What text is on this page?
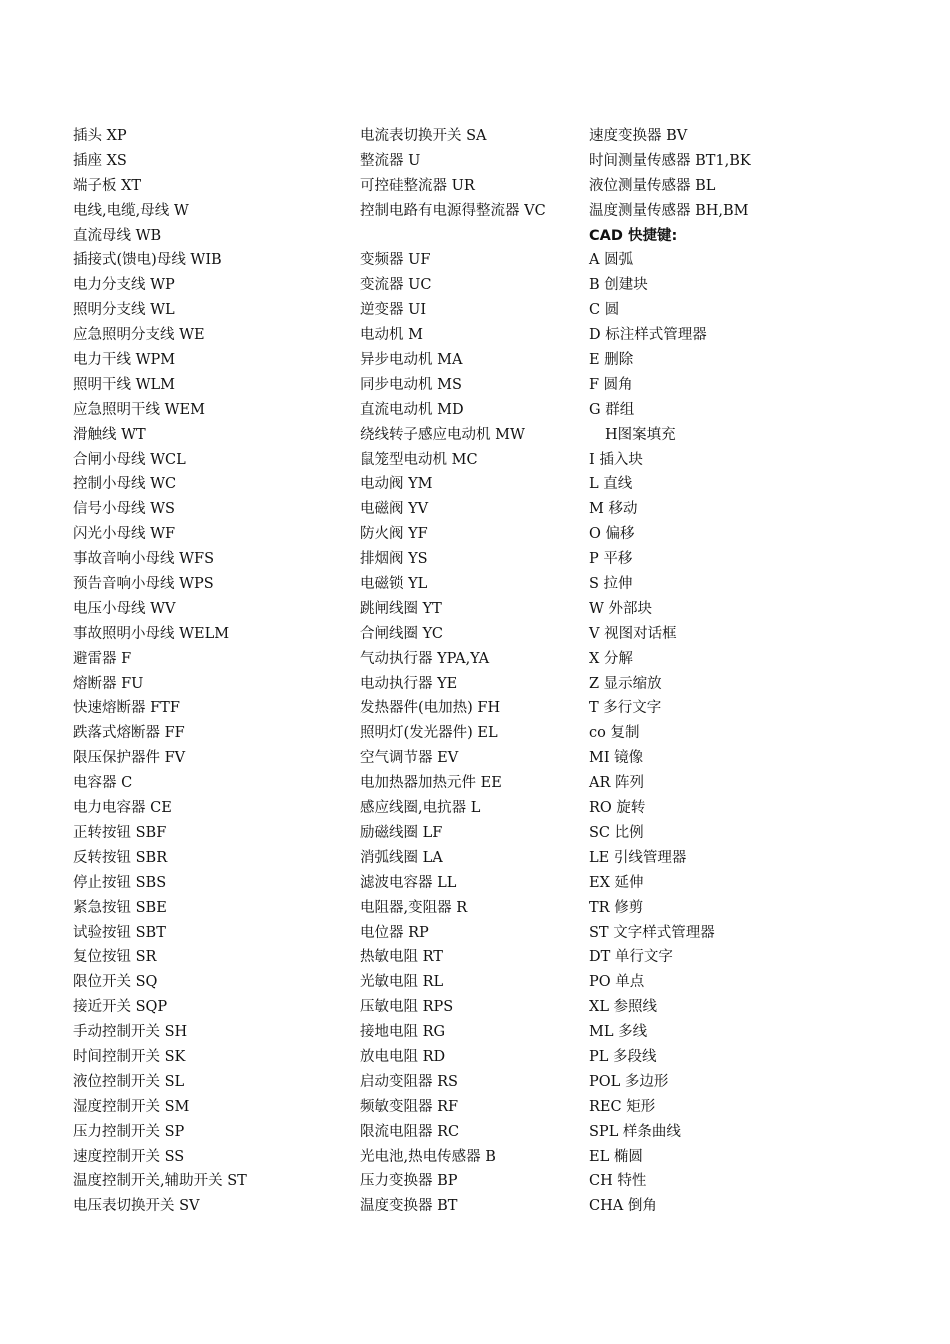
插头 XP
插座 XS
端子板 XT
电线,电缆,母线 W
直流母线 WB
插接式(馈电)母线 WIB
电力分支线 WP
照明分支线 WL
应急照明分支线 WE
电力干线 WPM
照明干线 WLM
应急照明干线 WEM
滑触线 WT
合闸小母线 WCL
控制小母线 WC
信号小母线 WS
闪光小母线 WF
事故音响小母线 WFS
预告音响小母线 WPS
电压小母线 WV
事故照明小母线 WELM
避雷器 F
熔断器 FU
快速熔断器 FTF
跌落式熔断器 FF
限压保护器件 FV
电容器 C
电力电容器 CE
正转按钮 SBF
反转按钮 SBR
停止按钮 SBS
紧急按钮 SBE
试验按钮 SBT
复位按钮 SR
限位开关 SQ
接近开关 SQP
手动控制开关 SH
时间控制开关 SK
液位控制开关 SL
湿度控制开关 SM
压力控制开关 SP
速度控制开关 SS
温度控制开关,辅助开关 ST
电压表切换开关 SV
电流表切换开关 SA
整流器 U
可控硅整流器 UR
控制电路有电源得整流器 VC
变频器 UF
变流器 UC
逆变器 UI
电动机 M
异步电动机 MA
同步电动机 MS
直流电动机 MD
绕线转子感应电动机 MW
鼠笼型电动机 MC
电动阀 YM
电磁阀 YV
防火阀 YF
排烟阀 YS
电磁锁 YL
跳闸线圈 YT
合闸线圈 YC
气动执行器 YPA,YA
电动执行器 YE
发热器件(电加热) FH
照明灯(发光器件) EL
空气调节器 EV
电加热器加热元件 EE
感应线圈,电抗器 L
励磁线圈 LF
消弧线圈 LA
滤波电容器 LL
电阻器,变阻器 R
电位器 RP
热敏电阻 RT
光敏电阻 RL
压敏电阻 RPS
接地电阻 RG
放电电阻 RD
启动变阻器 RS
频敏变阻器 RF
限流电阻器 RC
光电池,热电传感器 B
压力变换器 BP
温度变换器 BT
速度变换器 BV
时间测量传感器 BT1,BK
液位测量传感器 BL
温度测量传感器 BH,BM
CAD 快捷键:
A 圆弧
B 创建块
C 圆
D 标注样式管理器
E 删除
F 圆角
G 群组
H图案填充
I 插入块
L 直线
M 移动
O 偏移
P 平移
S 拉伸
W 外部块
V 视图对话框
X 分解
Z 显示缩放
T 多行文字
co 复制
MI 镜像
AR 阵列
RO 旋转
SC 比例
LE 引线管理器
EX 延伸
TR 修剪
ST 文字样式管理器
DT 单行文字
PO 单点
XL 参照线
ML 多线
PL 多段线
POL 多边形
REC 矩形
SPL 样条曲线
EL 椭圆
CH 特性
CHA 倒角
